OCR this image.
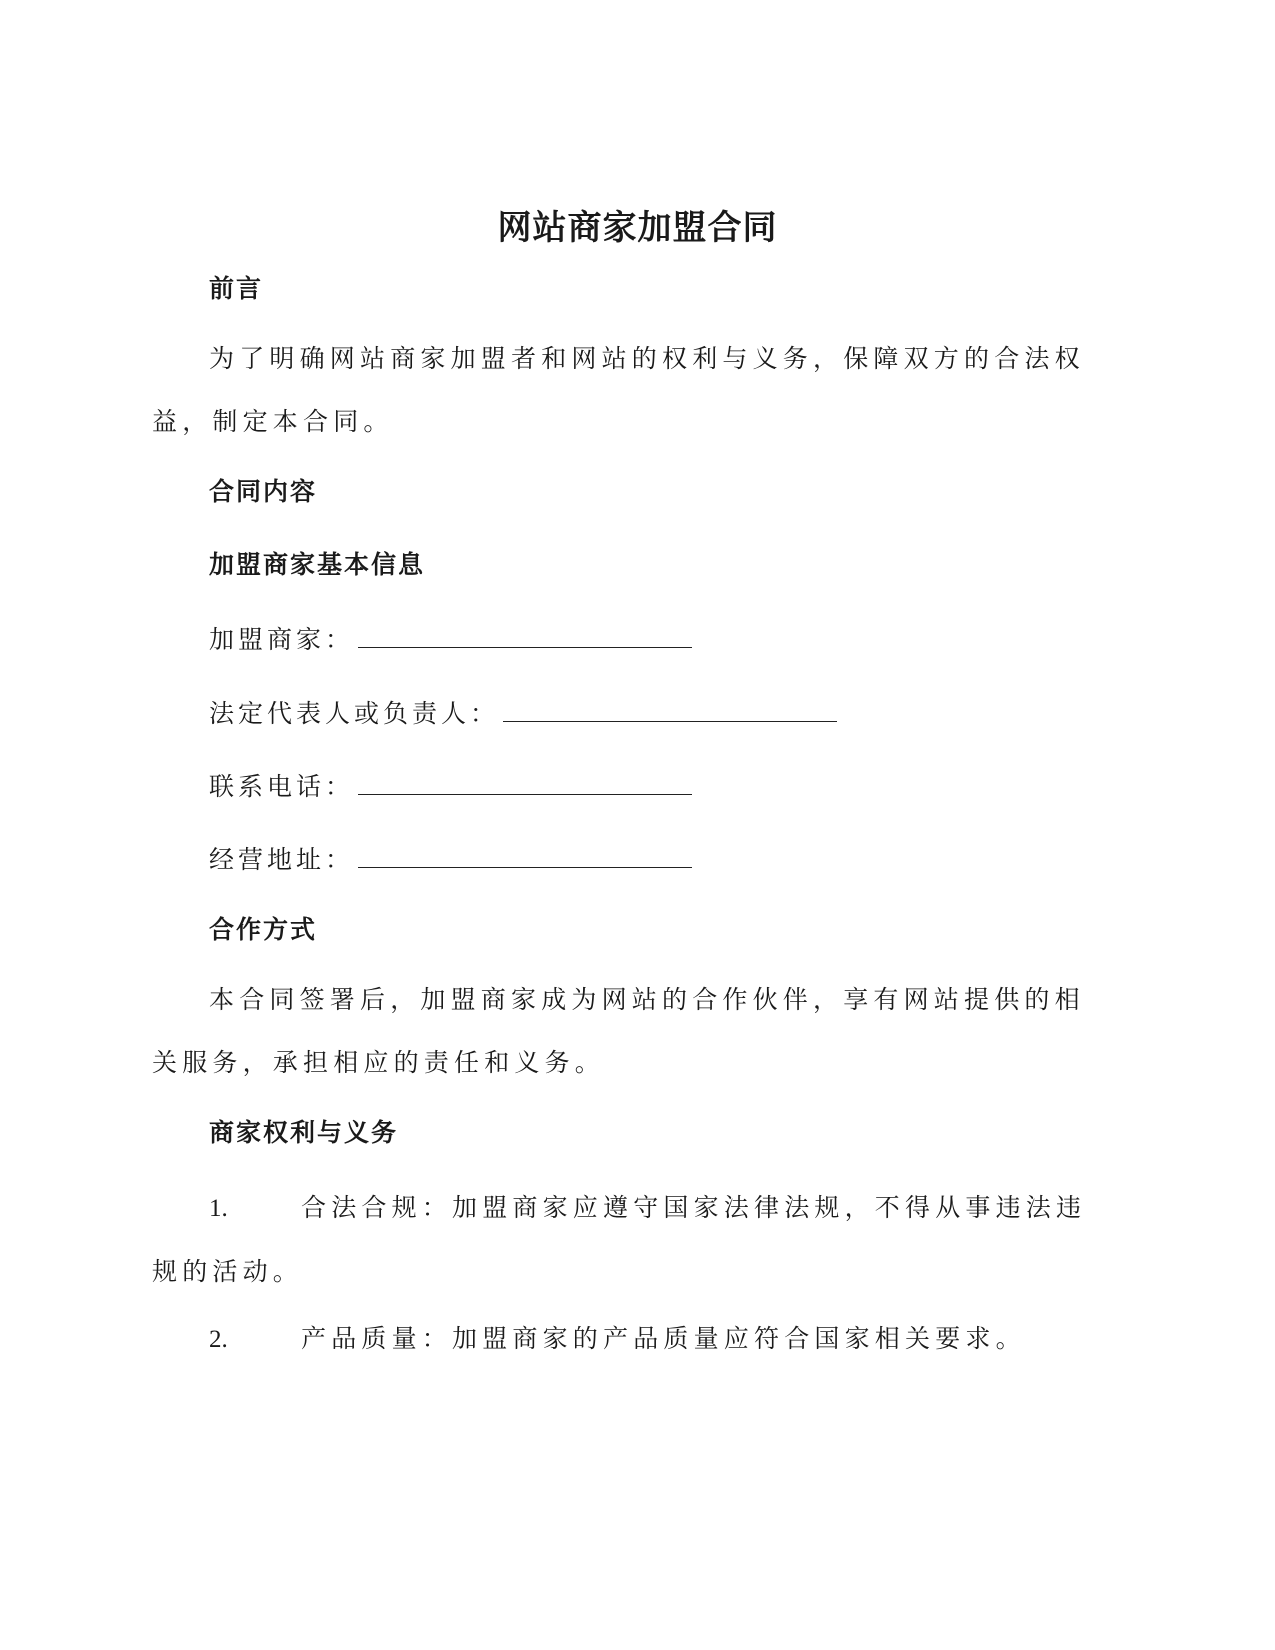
网站商家加盟合同
前言

为了明确网站商家加盟者和网站的权利与义务，保障双方的合法权益，制定本合同。

合同内容
加盟商家基本信息

加盟商家：

法定代表人或负责人：

联系电话：

经营地址：

合作方式

本合同签署后，加盟商家成为网站的合作伙伴，享有网站提供的相关服务，承担相应的责任和义务。

商家权利与义务

1.	合法合规：加盟商家应遵守国家法律法规，不得从事违法违规的活动。

2.	产品质量：加盟商家的产品质量应符合国家相关要求。
